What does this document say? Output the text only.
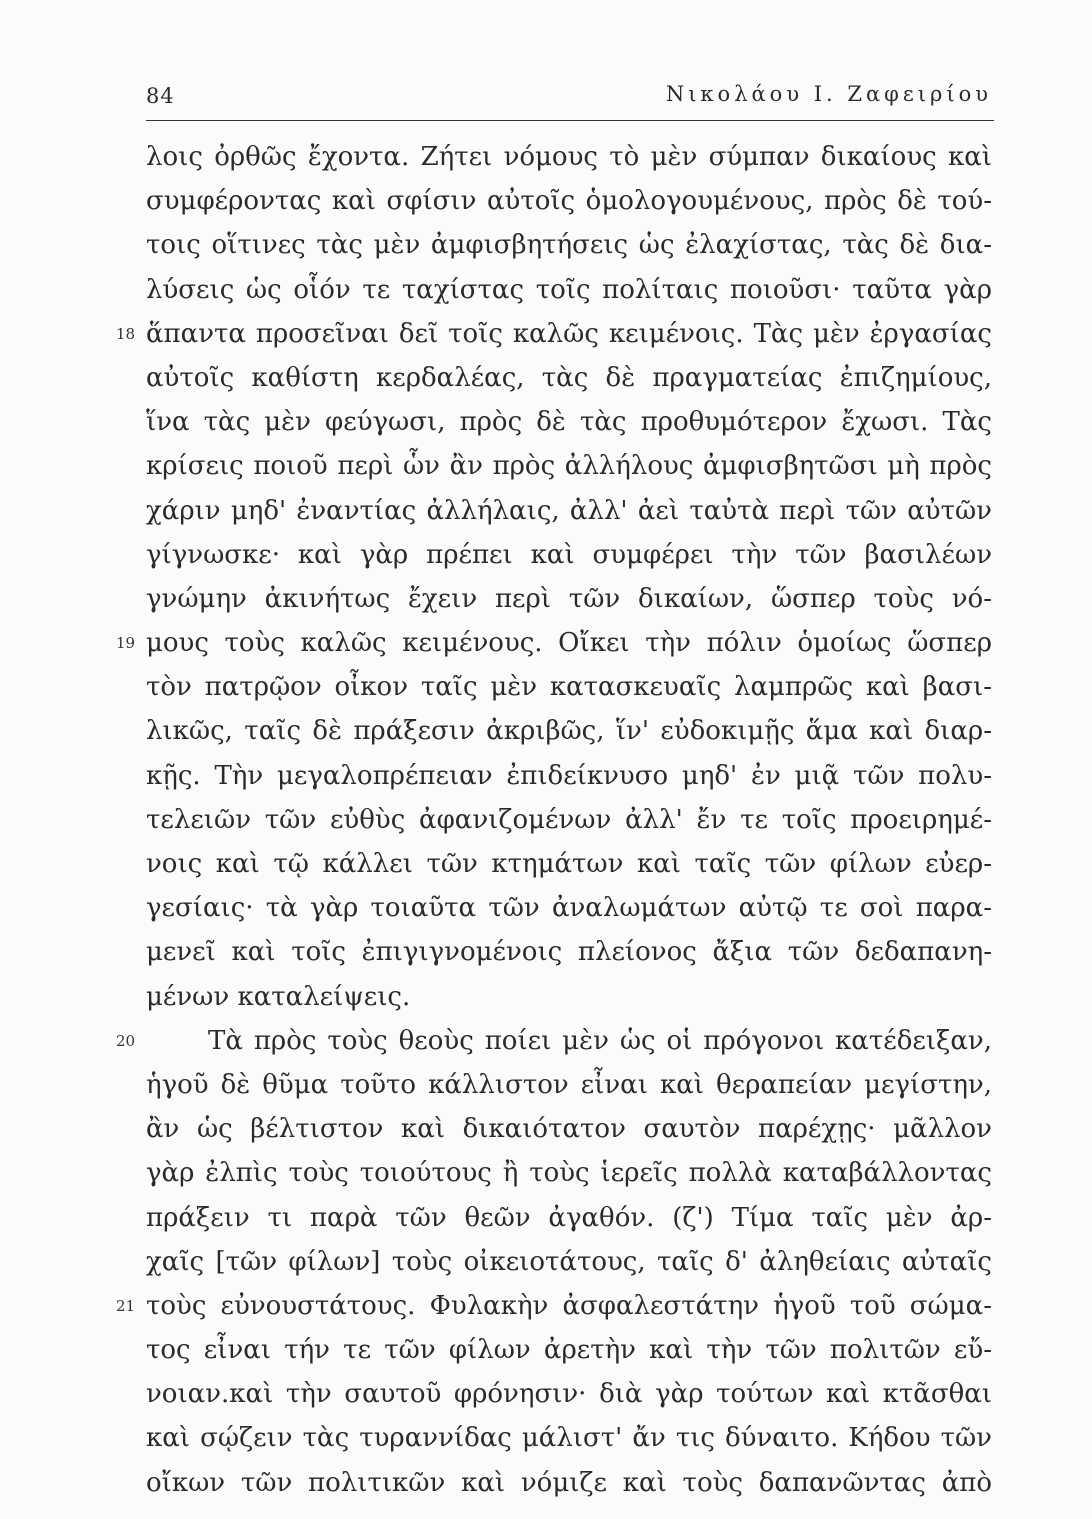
84	Νικολάου Ι. Ζαφειρίου
λοις ὀρθῶς ἔχοντα. Ζήτει νόμους τὸ μὲν σύμπαν δικαίους καὶ
συμφέροντας καὶ σφίσιν αὐτοῖς ὁμολογουμένους, πρὸς δὲ τού-
τοις οἵτινες τὰς μὲν ἀμφισβητήσεις ὡς ἐλαχίστας, τὰς δὲ δια-
λύσεις ὡς οἷόν τε ταχίστας τοῖς πολίταις ποιοῦσι· ταῦτα γὰρ
18 ἅπαντα προσεῖναι δεῖ τοῖς καλῶς κειμένοις. Τὰς μὲν ἐργασίας
αὐτοῖς καθίστη κερδαλέας, τὰς δὲ πραγματείας ἐπιζημίους,
ἵνα τὰς μὲν φεύγωσι, πρὸς δὲ τὰς προθυμότερον ἔχωσι. Τὰς
κρίσεις ποιοῦ περὶ ὧν ἂν πρὸς ἀλλήλους ἀμφισβητῶσι μὴ πρὸς
χάριν μηδ' ἐναντίας ἀλλήλαις, ἀλλ' ἀεὶ ταὐτὰ περὶ τῶν αὐτῶν
γίγνωσκε· καὶ γὰρ πρέπει καὶ συμφέρει τὴν τῶν βασιλέων
γνώμην ἀκινήτως ἔχειν περὶ τῶν δικαίων, ὥσπερ τοὺς νό-
19 μους τοὺς καλῶς κειμένους. Οἴκει τὴν πόλιν ὁμοίως ὥσπερ
τὸν πατρῷον οἶκον ταῖς μὲν κατασκευαῖς λαμπρῶς καὶ βασι-
λικῶς, ταῖς δὲ πράξεσιν ἀκριβῶς, ἵν' εὐδοκιμῇς ἅμα καὶ διαρ-
κῇς. Τὴν μεγαλοπρέπειαν ἐπιδείκνυσο μηδ' ἐν μιᾷ τῶν πολυ-
τελειῶν τῶν εὐθὺς ἀφανιζομένων ἀλλ' ἔν τε τοῖς προειρημέ-
νοις καὶ τῷ κάλλει τῶν κτημάτων καὶ ταῖς τῶν φίλων εὐερ-
γεσίαις· τὰ γὰρ τοιαῦτα τῶν ἀναλωμάτων αὐτῷ τε σοὶ παρα-
μενεῖ καὶ τοῖς ἐπιγιγνομένοις πλείονος ἄξια τῶν δεδαπανη-
μένων καταλείψεις.
20	Τὰ πρὸς τοὺς θεοὺς ποίει μὲν ὡς οἱ πρόγονοι κατέδειξαν,
ἡγοῦ δὲ θῦμα τοῦτο κάλλιστον εἶναι καὶ θεραπείαν μεγίστην,
ἂν ὡς βέλτιστον καὶ δικαιότατον σαυτὸν παρέχῃς· μᾶλλον
γὰρ ἐλπὶς τοὺς τοιούτους ἢ τοὺς ἱερεῖς πολλὰ καταβάλλοντας
πράξειν τι παρὰ τῶν θεῶν ἀγαθόν. (ζ') Τίμα ταῖς μὲν ἀρ-
χαῖς [τῶν φίλων] τοὺς οἰκειοτάτους, ταῖς δ' ἀληθείαις αὐταῖς
21 τοὺς εὐνουστάτους. Φυλακὴν ἀσφαλεστάτην ἡγοῦ τοῦ σώμα-
τος εἶναι τήν τε τῶν φίλων ἀρετὴν καὶ τὴν τῶν πολιτῶν εὔ-
νοιαν.καὶ τὴν σαυτοῦ φρόνησιν· διὰ γὰρ τούτων καὶ κτᾶσθαι
καὶ σῴζειν τὰς τυραννίδας μάλιστ' ἄν τις δύναιτο. Κήδου τῶν
οἴκων τῶν πολιτικῶν καὶ νόμιζε καὶ τοὺς δαπανῶντας ἀπὸ
